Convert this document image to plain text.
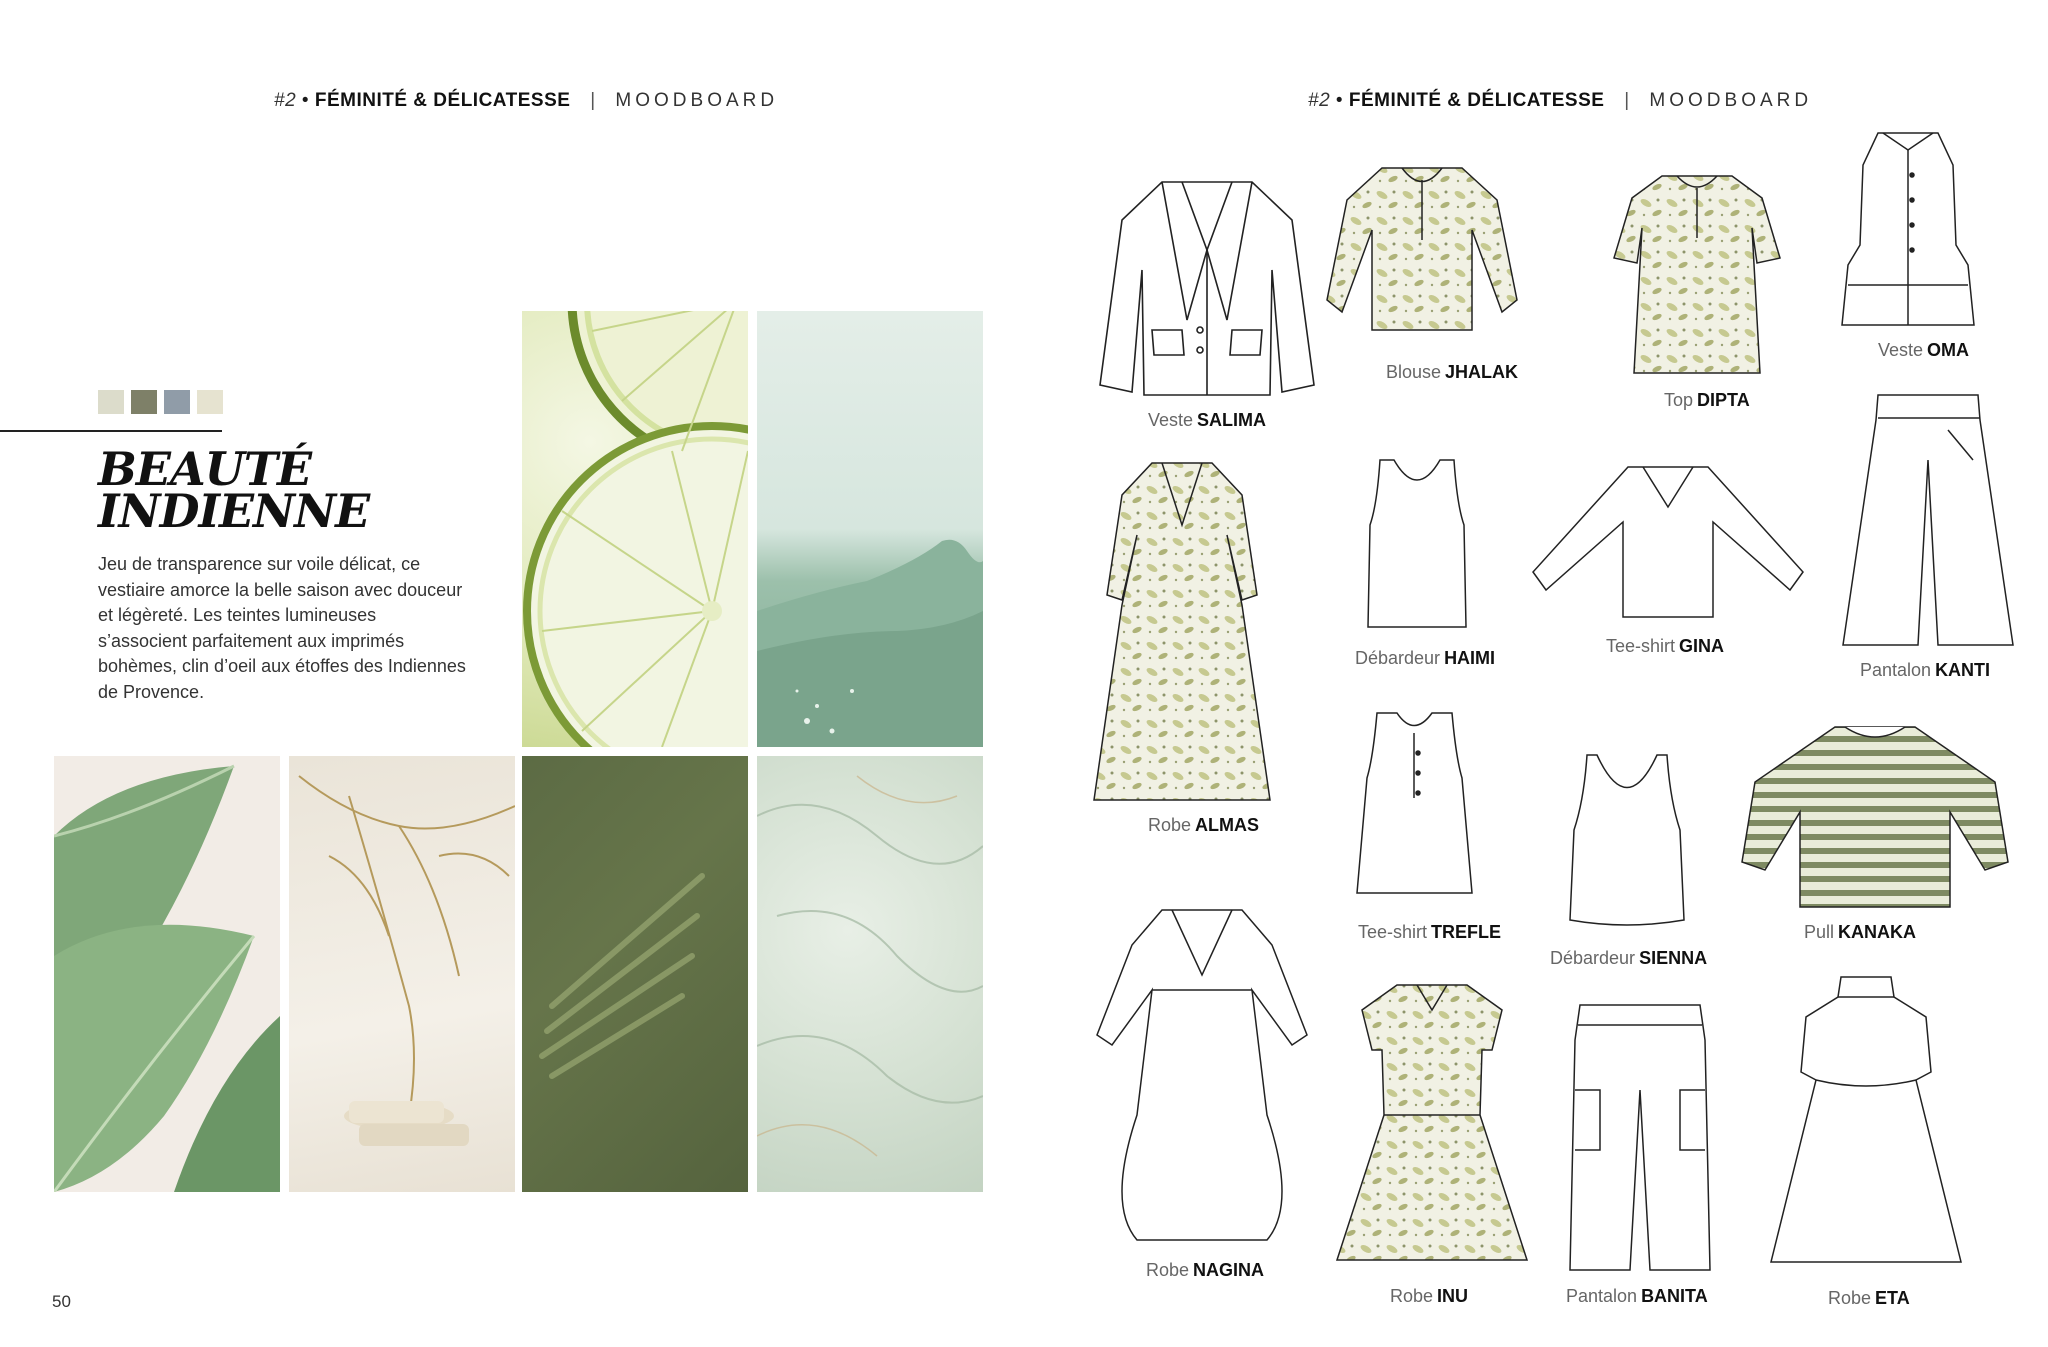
#2 • FÉMINITÉ & DÉLICATESSE | MOODBOARD	#2 • FÉMINITÉ & DÉLICATESSE | MOODBOARD
BEAUTÉ
INDIENNE
Jeu de transparence sur voile délicat, ce vestiaire amorce la belle saison avec douceur et légèreté. Les teintes lumineuses s’associent parfaitement aux imprimés bohèmes, clin d’oeil aux étoffes des Indiennes de Provence.
50
Veste SALIMA
Blouse JHALAK
Top DIPTA
Veste OMA
Robe ALMAS
Débardeur HAIMI
Tee-shirt GINA
Pantalon KANTI
Tee-shirt TREFLE
Débardeur SIENNA
Pull KANAKA
Robe NAGINA
Robe INU	Pantalon BANITA	Robe ETA
